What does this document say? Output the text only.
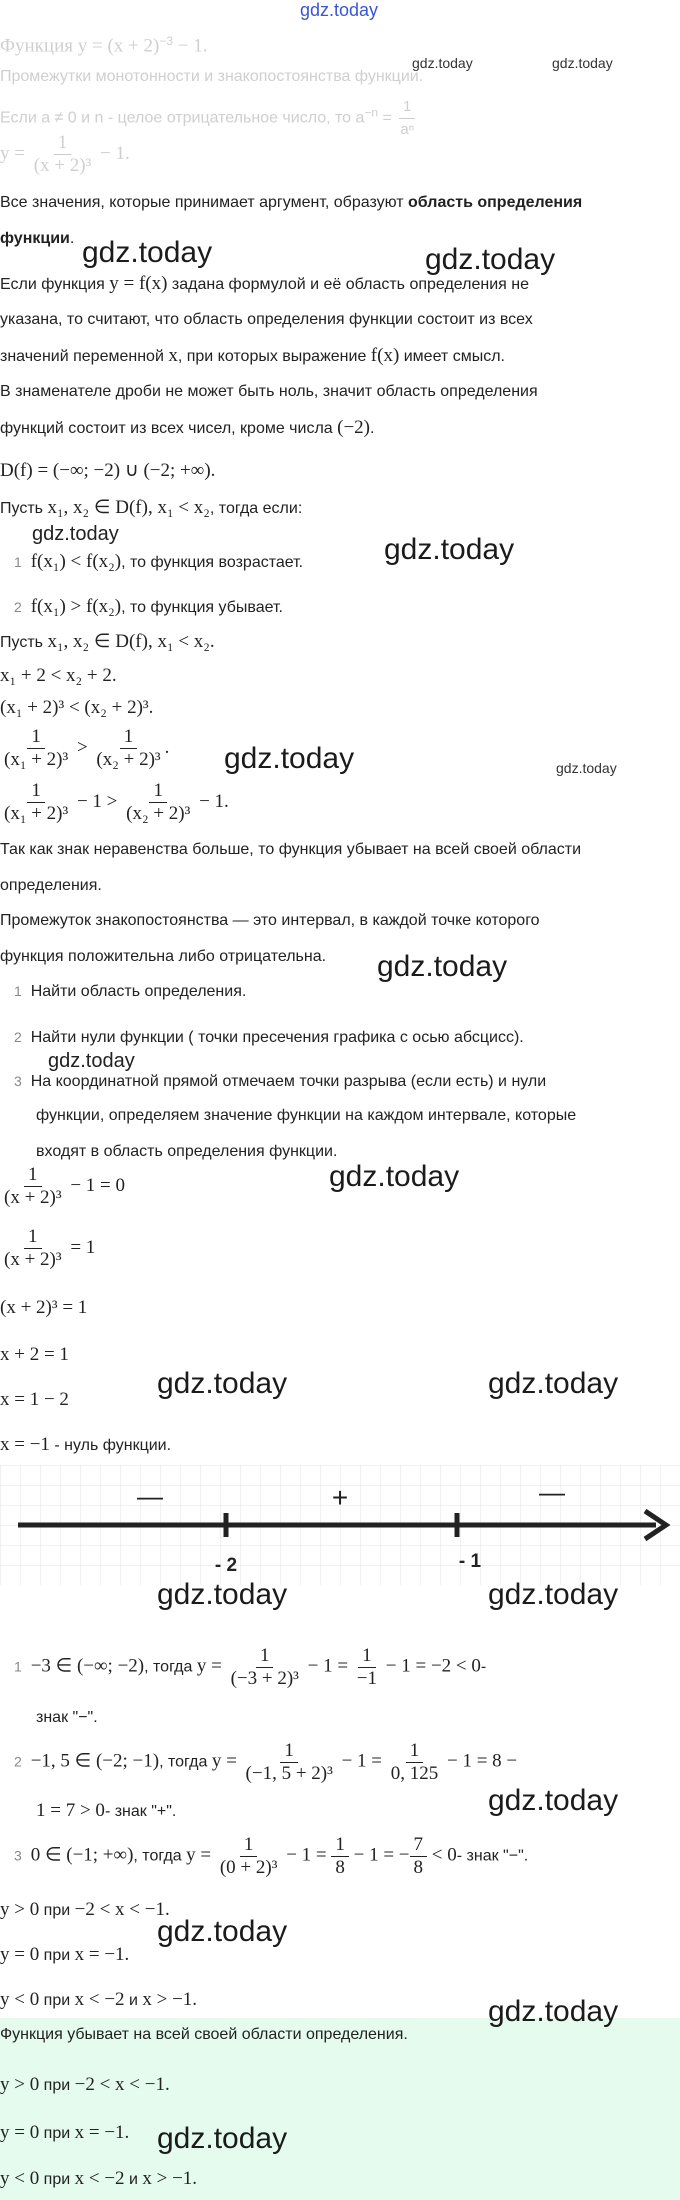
gdz.today
Функция $y = (x + 2)^{-3} - 1$.
Промежутки монотонности и знакопостоянства функции.
Если a ≠ 0 и n - целое отрицательное число, то $a^{-n} = \frac{1}{\text{aⁿ}}$
$y = \frac{1}{\text{(x + 2)³}} - 1$.
Все значения, которые принимает аргумент, образуют область определения
функции.
Если функция y = f(x) задана формулой и её область определения не
указана, то считают, что область определения функции состоит из всех
значений переменной x, при которых выражение f(x) имеет смысл.
В знаменателе дроби не может быть ноль, значит область определения
функций состоит из всех чисел, кроме числа (−2).
D(f) = (−∞; −2) ∪ (−2; +∞).
Пусть x₁, x₂ ∈ D(f), x₁ < x₂, тогда если:
1 f(x₁) < f(x₂), то функция возрастает.
2 f(x₁) > f(x₂), то функция убывает.
Пусть x₁, x₂ ∈ D(f), x₁ < x₂.
x₁ + 2 < x₂ + 2.
(x₁ + 2)³ < (x₂ + 2)³.
$\frac{1}{\text{(x₁ + 2)³}} > \frac{1}{\text{(x₂ + 2)³}}$ .
$\frac{1}{\text{(x₁ + 2)³}} - 1 > \frac{1}{\text{(x₂ + 2)³}} - 1$.
Так как знак неравенства больше, то функция убывает на всей своей области
определения.
Промежуток знакопостоянства — это интервал, в каждой точке которого
функция положительна либо отрицательна.
1 Найти область определения.
2 Найти нули функции ( точки пресечения графика с осью абсцисс).
3 На координатной прямой отмечаем точки разрыва (если есть) и нули
функции, определяем значение функции на каждом интервале, которые
входят в область определения функции.
$\frac{1}{\text{(x + 2)³}} - 1 = 0$
$\frac{1}{\text{(x + 2)³}} = 1$
(x + 2)³ = 1
x + 2 = 1
x = 1 − 2
x = −1 - нуль функции.
—	+	—
- 2	- 1
1 −3 ∈ (−∞; −2), тогда $y = \frac{1}{\text{(−3 + 2)³}} - 1 = \frac{1}{-1} - 1 = -2 < 0-$
знак "−".
2 −1, 5 ∈ (−2; −1), тогда $y = \frac{1}{\text{(−1, 5 + 2)³}} - 1 = \frac{1}{0, 125} - 1 = 8$ −
1 = 7 > 0- знак "+".
3 0 ∈ (−1; +∞), тогда $y = \frac{1}{\text{(0 + 2)³}} - 1 = \frac{1}{8} - 1$ = − $\frac{7}{8} < 0-$ знак "−".
y > 0 при −2 < x < −1.
y = 0 при x = −1.
y < 0 при x < −2 и x > −1.
Функция убывает на всей своей области определения.
y > 0 при −2 < x < −1.
y = 0 при x = −1.
y < 0 при x < −2 и x > −1.
gdz.today	gdz.today
gdz.today	gdz.today
gdz.today	gdz.today
gdz.today	gdz.today
gdz.today
gdz.today
gdz.today
gdz.today	gdz.today
gdz.today	gdz.today
gdz.today
gdz.today
gdz.today
gdz.today
